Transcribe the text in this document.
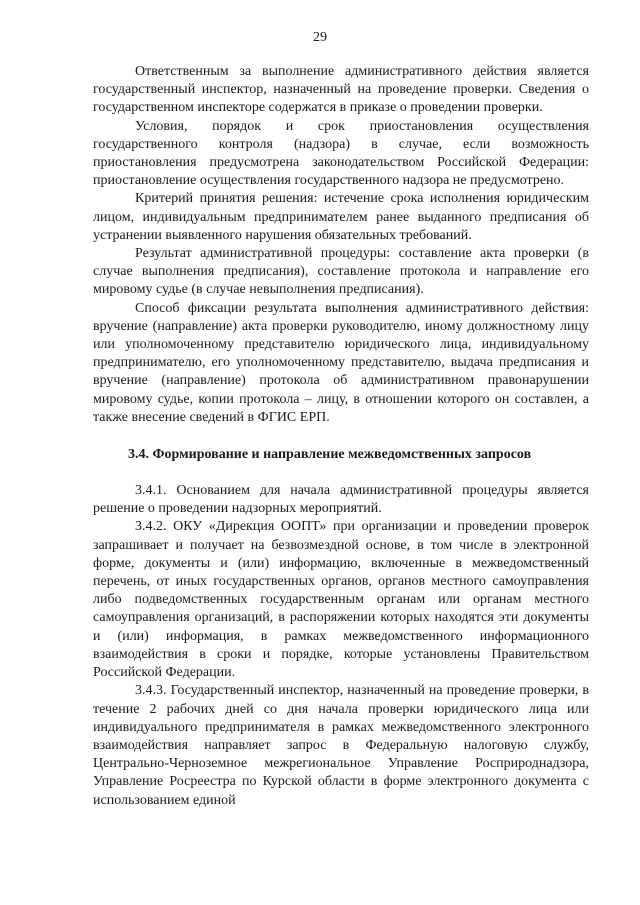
29

Ответственным за выполнение административного действия является государственный инспектор, назначенный на проведение проверки. Сведения о государственном инспекторе содержатся в приказе о проведении проверки.

Условия, порядок и срок приостановления осуществления государственного контроля (надзора) в случае, если возможность приостановления предусмотрена законодательством Российской Федерации: приостановление осуществления государственного надзора не предусмотрено.

Критерий принятия решения: истечение срока исполнения юридическим лицом, индивидуальным предпринимателем ранее выданного предписания об устранении выявленного нарушения обязательных требований.

Результат административной процедуры: составление акта проверки (в случае выполнения предписания), составление протокола и направление его мировому судье (в случае невыполнения предписания).

Способ фиксации результата выполнения административного действия: вручение (направление) акта проверки руководителю, иному должностному лицу или уполномоченному представителю юридического лица, индивидуальному предпринимателю, его уполномоченному представителю, выдача предписания и вручение (направление) протокола об административном правонарушении мировому судье, копии протокола – лицу, в отношении которого он составлен, а также внесение сведений в ФГИС ЕРП.

3.4. Формирование и направление межведомственных запросов

3.4.1. Основанием для начала административной процедуры является решение о проведении надзорных мероприятий.

3.4.2. ОКУ «Дирекция ООПТ» при организации и проведении проверок запрашивает и получает на безвозмездной основе, в том числе в электронной форме, документы и (или) информацию, включенные в межведомственный перечень, от иных государственных органов, органов местного самоуправления либо подведомственных государственным органам или органам местного самоуправления организаций, в распоряжении которых находятся эти документы и (или) информация, в рамках межведомственного информационного взаимодействия в сроки и порядке, которые установлены Правительством Российской Федерации.

3.4.3. Государственный инспектор, назначенный на проведение проверки, в течение 2 рабочих дней со дня начала проверки юридического лица или индивидуального предпринимателя в рамках межведомственного электронного взаимодействия направляет запрос в Федеральную налоговую службу, Центрально-Черноземное межрегиональное Управление Росприроднадзора, Управление Росреестра по Курской области в форме электронного документа с использованием единой
